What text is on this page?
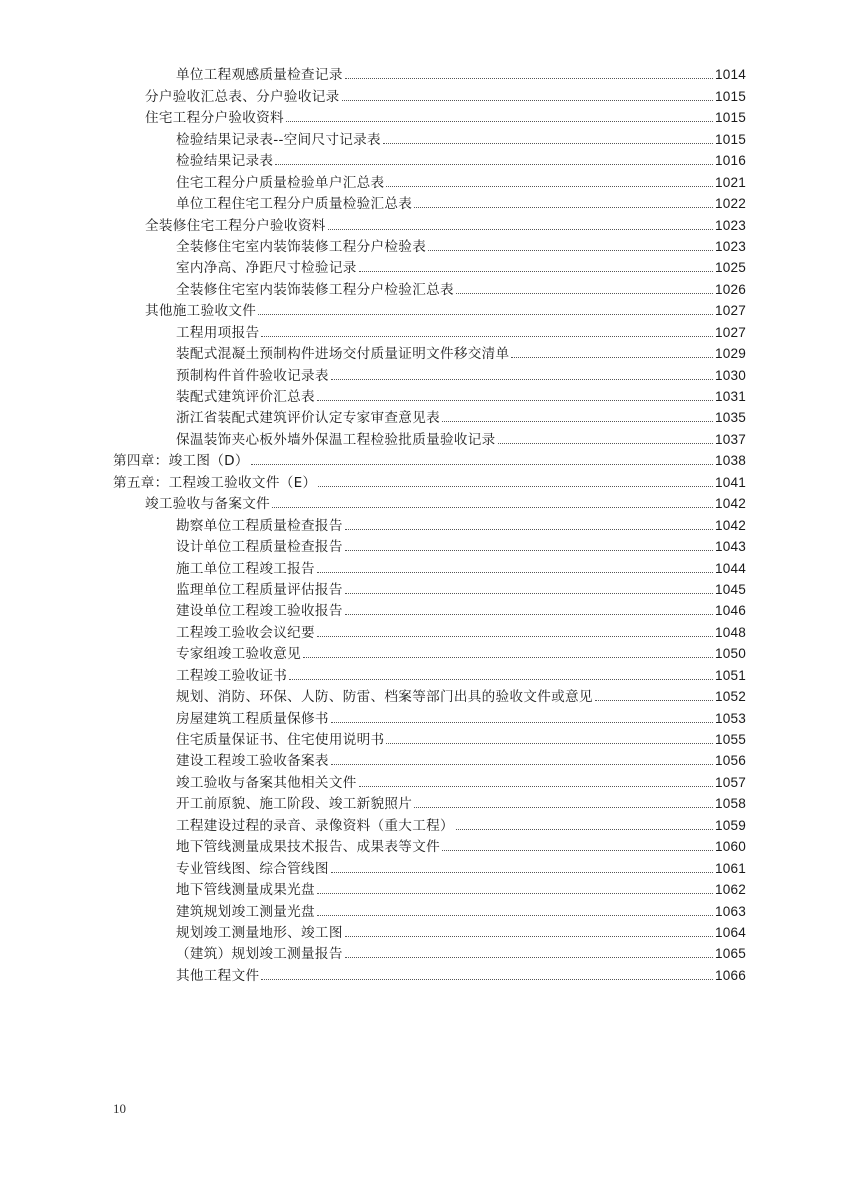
单位工程观感质量检查记录	1014
分户验收汇总表、分户验收记录	1015
住宅工程分户验收资料	1015
检验结果记录表--空间尺寸记录表	1015
检验结果记录表	1016
住宅工程分户质量检验单户汇总表	1021
单位工程住宅工程分户质量检验汇总表	1022
全装修住宅工程分户验收资料	1023
全装修住宅室内装饰装修工程分户检验表	1023
室内净高、净距尺寸检验记录	1025
全装修住宅室内装饰装修工程分户检验汇总表	1026
其他施工验收文件	1027
工程用项报告	1027
装配式混凝土预制构件进场交付质量证明文件移交清单	1029
预制构件首件验收记录表	1030
装配式建筑评价汇总表	1031
浙江省装配式建筑评价认定专家审查意见表	1035
保温装饰夹心板外墙外保温工程检验批质量验收记录	1037
第四章：竣工图（D）	1038
第五章：工程竣工验收文件（E）	1041
竣工验收与备案文件	1042
勘察单位工程质量检查报告	1042
设计单位工程质量检查报告	1043
施工单位工程竣工报告	1044
监理单位工程质量评估报告	1045
建设单位工程竣工验收报告	1046
工程竣工验收会议纪要	1048
专家组竣工验收意见	1050
工程竣工验收证书	1051
规划、消防、环保、人防、防雷、档案等部门出具的验收文件或意见	1052
房屋建筑工程质量保修书	1053
住宅质量保证书、住宅使用说明书	1055
建设工程竣工验收备案表	1056
竣工验收与备案其他相关文件	1057
开工前原貌、施工阶段、竣工新貌照片	1058
工程建设过程的录音、录像资料（重大工程）	1059
地下管线测量成果技术报告、成果表等文件	1060
专业管线图、综合管线图	1061
地下管线测量成果光盘	1062
建筑规划竣工测量光盘	1063
规划竣工测量地形、竣工图	1064
（建筑）规划竣工测量报告	1065
其他工程文件	1066
10
